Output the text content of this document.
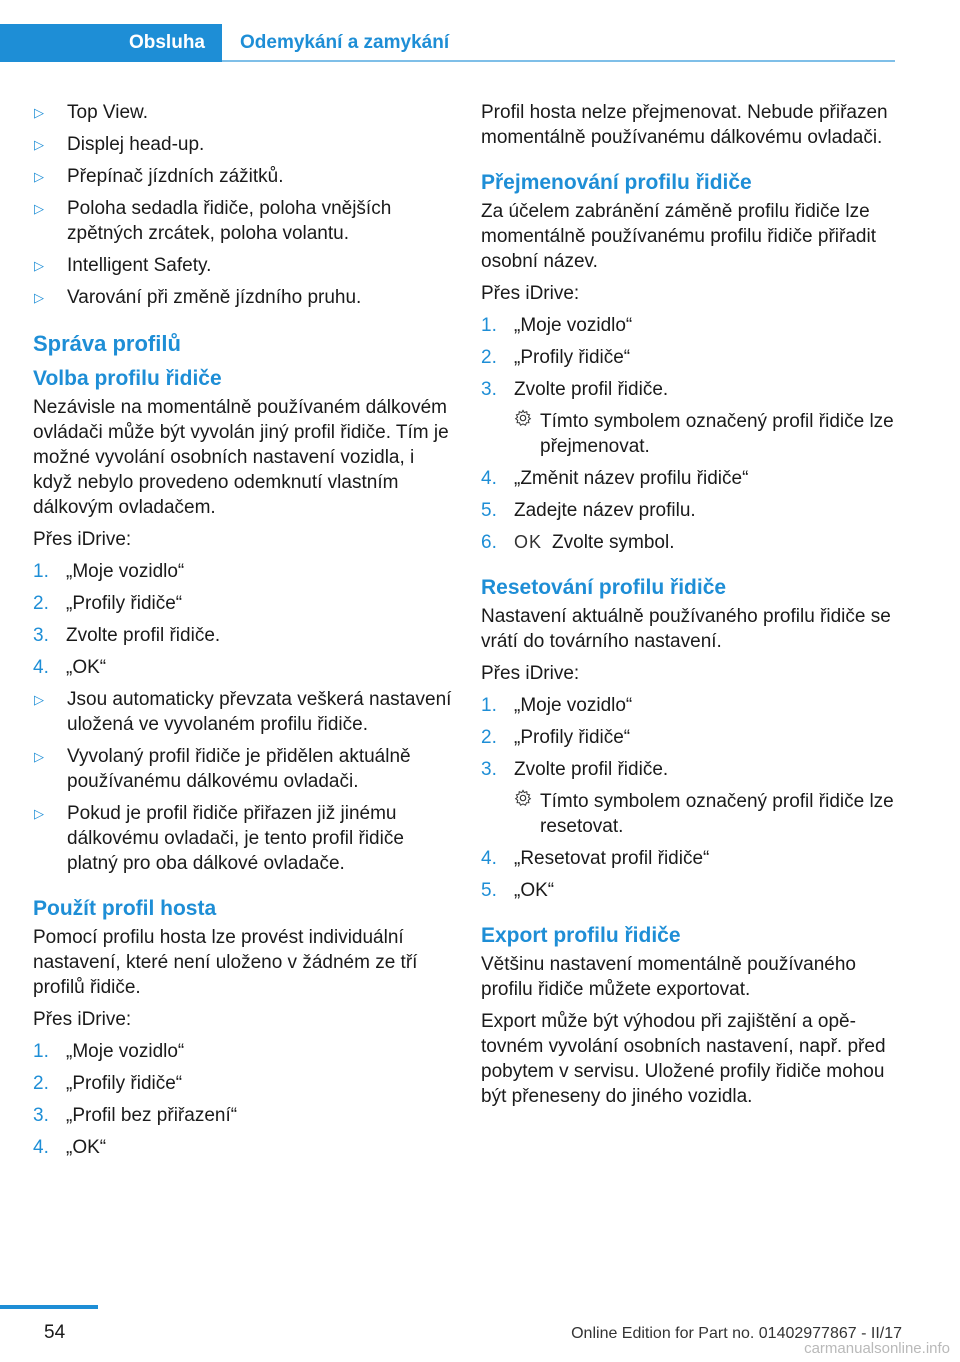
Obsluha	Odemykání a zamykání
▷	Top View.
▷	Displej head-up.
▷	Přepínač jízdních zážitků.
▷	Poloha sedadla řidiče, poloha vnějších zpětných zrcátek, poloha volantu.
▷	Intelligent Safety.
▷	Varování při změně jízdního pruhu.
Správa profilů
Volba profilu řidiče
Nezávisle na momentálně používaném dálkovém ovládači může být vyvolán jiný profil řidiče. Tím je možné vyvolání osobních nastavení vozidla, i když nebylo provedeno odemknutí vlastním dálkovým ovladačem.
Přes iDrive:
1. „Moje vozidlo“
2. „Profily řidiče“
3. Zvolte profil řidiče.
4. „OK“
▷	Jsou automaticky převzata veškerá nastavení uložená ve vyvolaném profilu řidiče.
▷	Vyvolaný profil řidiče je přidělen aktuálně používanému dálkovému ovladači.
▷	Pokud je profil řidiče přiřazen již jinému dálkovému ovladači, je tento profil řidiče platný pro oba dálkové ovladače.
Použít profil hosta
Pomocí profilu hosta lze provést individuální nastavení, které není uloženo v žádném ze tří profilů řidiče.
Přes iDrive:
1. „Moje vozidlo“
2. „Profily řidiče“
3. „Profil bez přiřazení“
4. „OK“
Profil hosta nelze přejmenovat. Nebude přiřazen momentálně používanému dálkovému ovladači.
Přejmenování profilu řidiče
Za účelem zabránění záměně profilu řidiče lze momentálně používanému profilu řidiče přiřadit osobní název.
Přes iDrive:
1. „Moje vozidlo“
2. „Profily řidiče“
3. Zvolte profil řidiče.
Tímto symbolem označený profil řidiče lze přejmenovat.
4. „Změnit název profilu řidiče“
5. Zadejte název profilu.
6. OK Zvolte symbol.
Resetování profilu řidiče
Nastavení aktuálně používaného profilu řidiče se vrátí do továrního nastavení.
Přes iDrive:
1. „Moje vozidlo“
2. „Profily řidiče“
3. Zvolte profil řidiče.
Tímto symbolem označený profil řidiče lze resetovat.
4. „Resetovat profil řidiče“
5. „OK“
Export profilu řidiče
Většinu nastavení momentálně používaného profilu řidiče můžete exportovat.
Export může být výhodou při zajištění a opětovném vyvolání osobních nastavení, např. před pobytem v servisu. Uložené profily řidiče mohou být přeneseny do jiného vozidla.
54	Online Edition for Part no. 01402977867 - II/17
carmanualsonline.info
